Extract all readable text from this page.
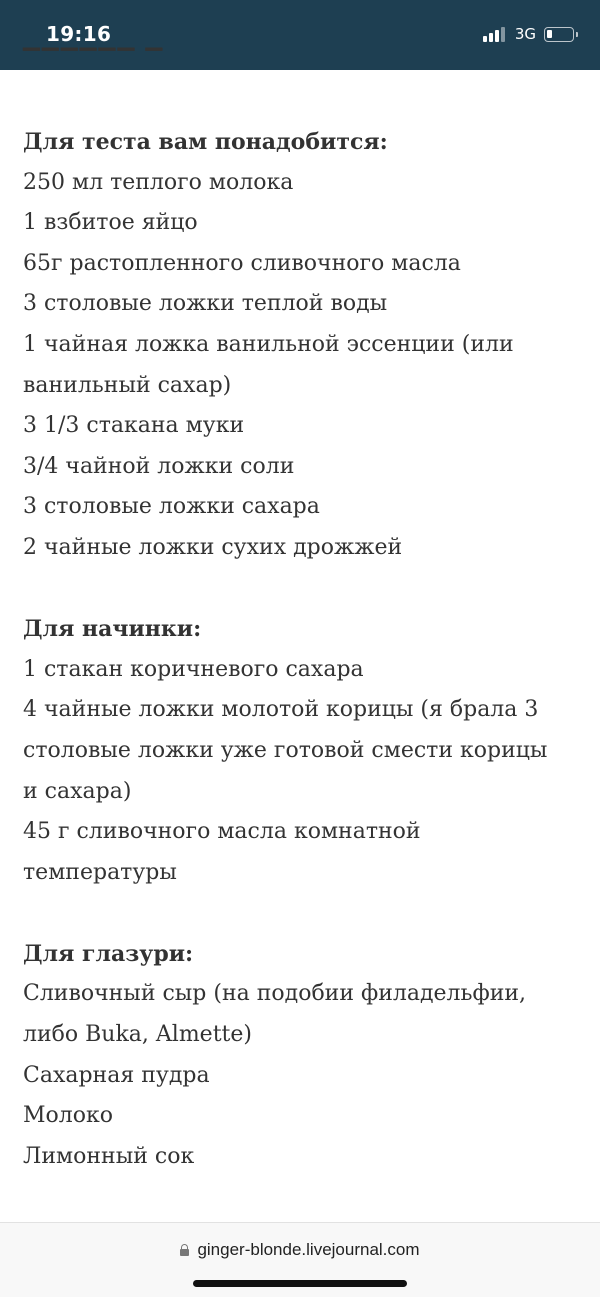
19:16	3G
▔▔▔▔▔▔ ▔
Для теста вам понадобится:
250 мл теплого молока
1 взбитое яйцо
65г растопленного сливочного масла
3 столовые ложки теплой воды
1 чайная ложка ванильной эссенции (или
ванильный сахар)
3 1/3 стакана муки
3/4 чайной ложки соли
3 столовые ложки сахара
2 чайные ложки сухих дрожжей
Для начинки:
1 стакан коричневого сахара
4 чайные ложки молотой корицы (я брала 3
столовые ложки уже готовой смести корицы
и сахара)
45 г сливочного масла комнатной
температуры
Для глазури:
Сливочный сыр (на подобии филадельфии,
либо Buka, Almette)
Сахарная пудра
Молоко
Лимонный сок
ginger-blonde.livejournal.com
